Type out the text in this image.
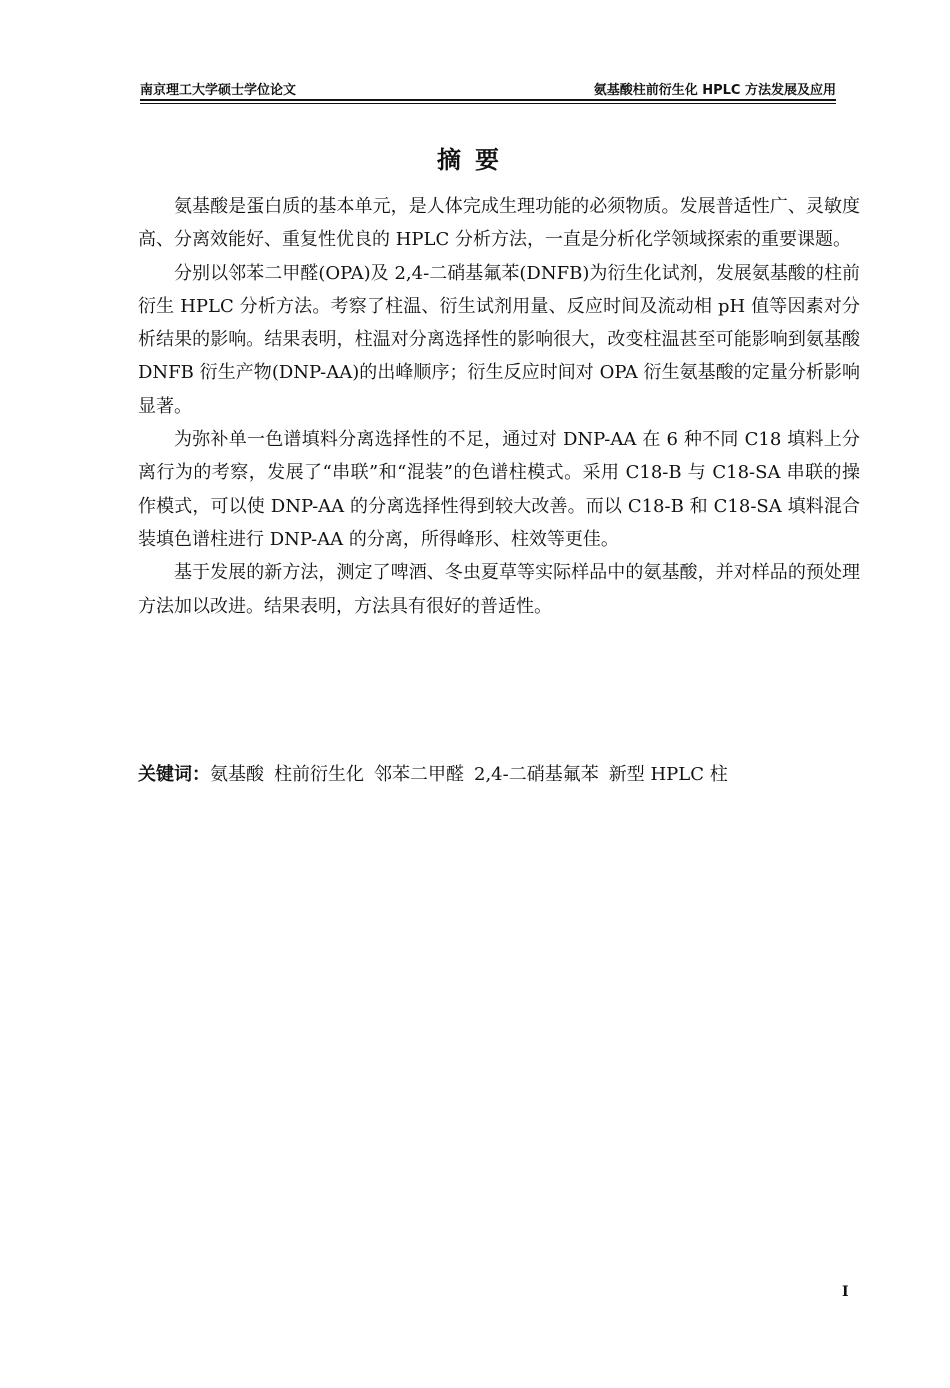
南京理工大学硕士学位论文	氨基酸柱前衍生化 HPLC 方法发展及应用
摘要

氨基酸是蛋白质的基本单元，是人体完成生理功能的必须物质。发展普适性广、灵敏度高、分离效能好、重复性优良的 HPLC 分析方法，一直是分析化学领域探索的重要课题。

分别以邻苯二甲醛(OPA)及 2,4-二硝基氟苯(DNFB)为衍生化试剂，发展氨基酸的柱前衍生 HPLC 分析方法。考察了柱温、衍生试剂用量、反应时间及流动相 pH 值等因素对分析结果的影响。结果表明，柱温对分离选择性的影响很大，改变柱温甚至可能影响到氨基酸 DNFB 衍生产物(DNP-AA)的出峰顺序；衍生反应时间对 OPA 衍生氨基酸的定量分析影响显著。

为弥补单一色谱填料分离选择性的不足，通过对 DNP-AA 在 6 种不同 C18 填料上分离行为的考察，发展了“串联”和“混装”的色谱柱模式。采用 C18-B 与 C18-SA 串联的操作模式，可以使 DNP-AA 的分离选择性得到较大改善。而以 C18-B 和 C18-SA 填料混合装填色谱柱进行 DNP-AA 的分离，所得峰形、柱效等更佳。

基于发展的新方法，测定了啤酒、冬虫夏草等实际样品中的氨基酸，并对样品的预处理方法加以改进。结果表明，方法具有很好的普适性。

关键词：氨基酸 柱前衍生化 邻苯二甲醛 2,4-二硝基氟苯 新型 HPLC 柱
I
